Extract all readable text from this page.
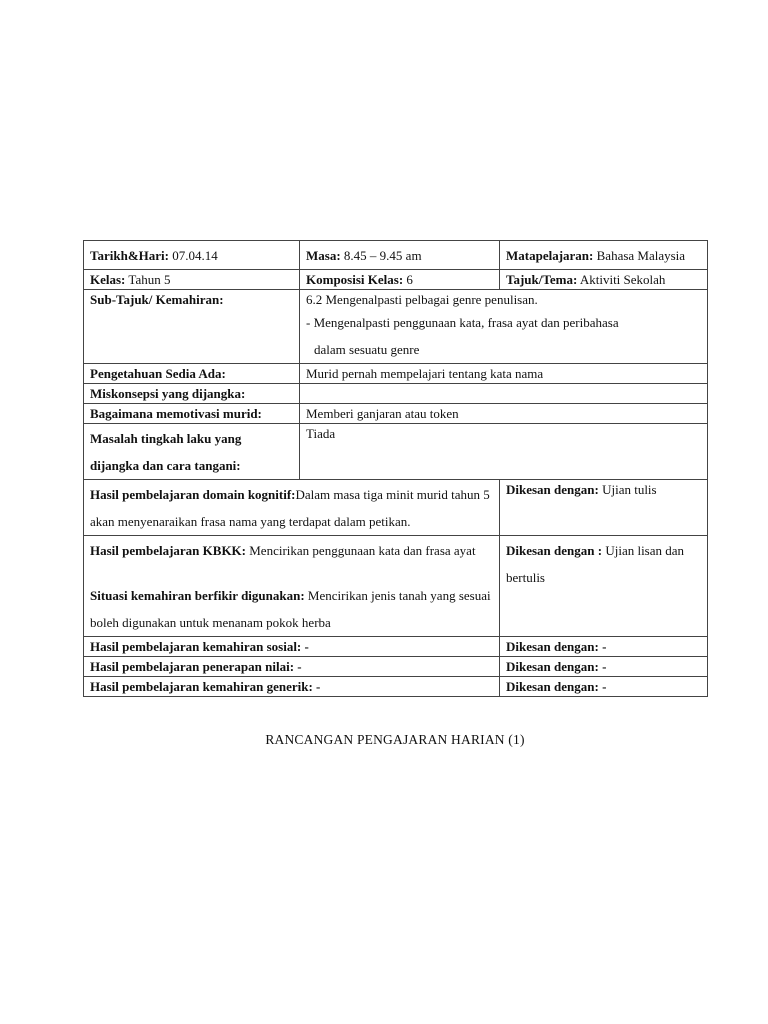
Tarikh&Hari: 07.04.14	Masa: 8.45 – 9.45 am	Matapelajaran: Bahasa Malaysia
Kelas: Tahun 5	Komposisi Kelas: 6	Tajuk/Tema: Aktiviti Sekolah
Sub-Tajuk/ Kemahiran:	6.2 Mengenalpasti pelbagai genre penulisan.
- Mengenalpasti penggunaan kata, frasa ayat dan peribahasa
dalam sesuatu genre	

Pengetahuan Sedia Ada:	Murid pernah mempelajari tentang kata nama	
Miskonsepsi yang dijangka:		
Bagaimana memotivasi murid:	Memberi ganjaran atau token	
Masalah tingkah laku yang dijangka dan cara tangani:	Tiada	
Hasil pembelajaran domain kognitif:Dalam masa tiga minit murid tahun 5 akan menyenaraikan frasa nama yang terdapat dalam petikan.		Dikesan dengan: Ujian tulis

Hasil pembelajaran KBKK: Mencirikan penggunaan kata dan frasa ayat
Situasi kemahiran berfikir digunakan: Mencirikan jenis tanah yang sesuai boleh digunakan untuk menanam pokok herba		Dikesan dengan : Ujian lisan dan bertulis
Hasil pembelajaran kemahiran sosial: -		Dikesan dengan: -
Hasil pembelajaran penerapan nilai: -		Dikesan dengan: -
Hasil pembelajaran kemahiran generik: -		Dikesan dengan: -
RANCANGAN PENGAJARAN HARIAN (1)
